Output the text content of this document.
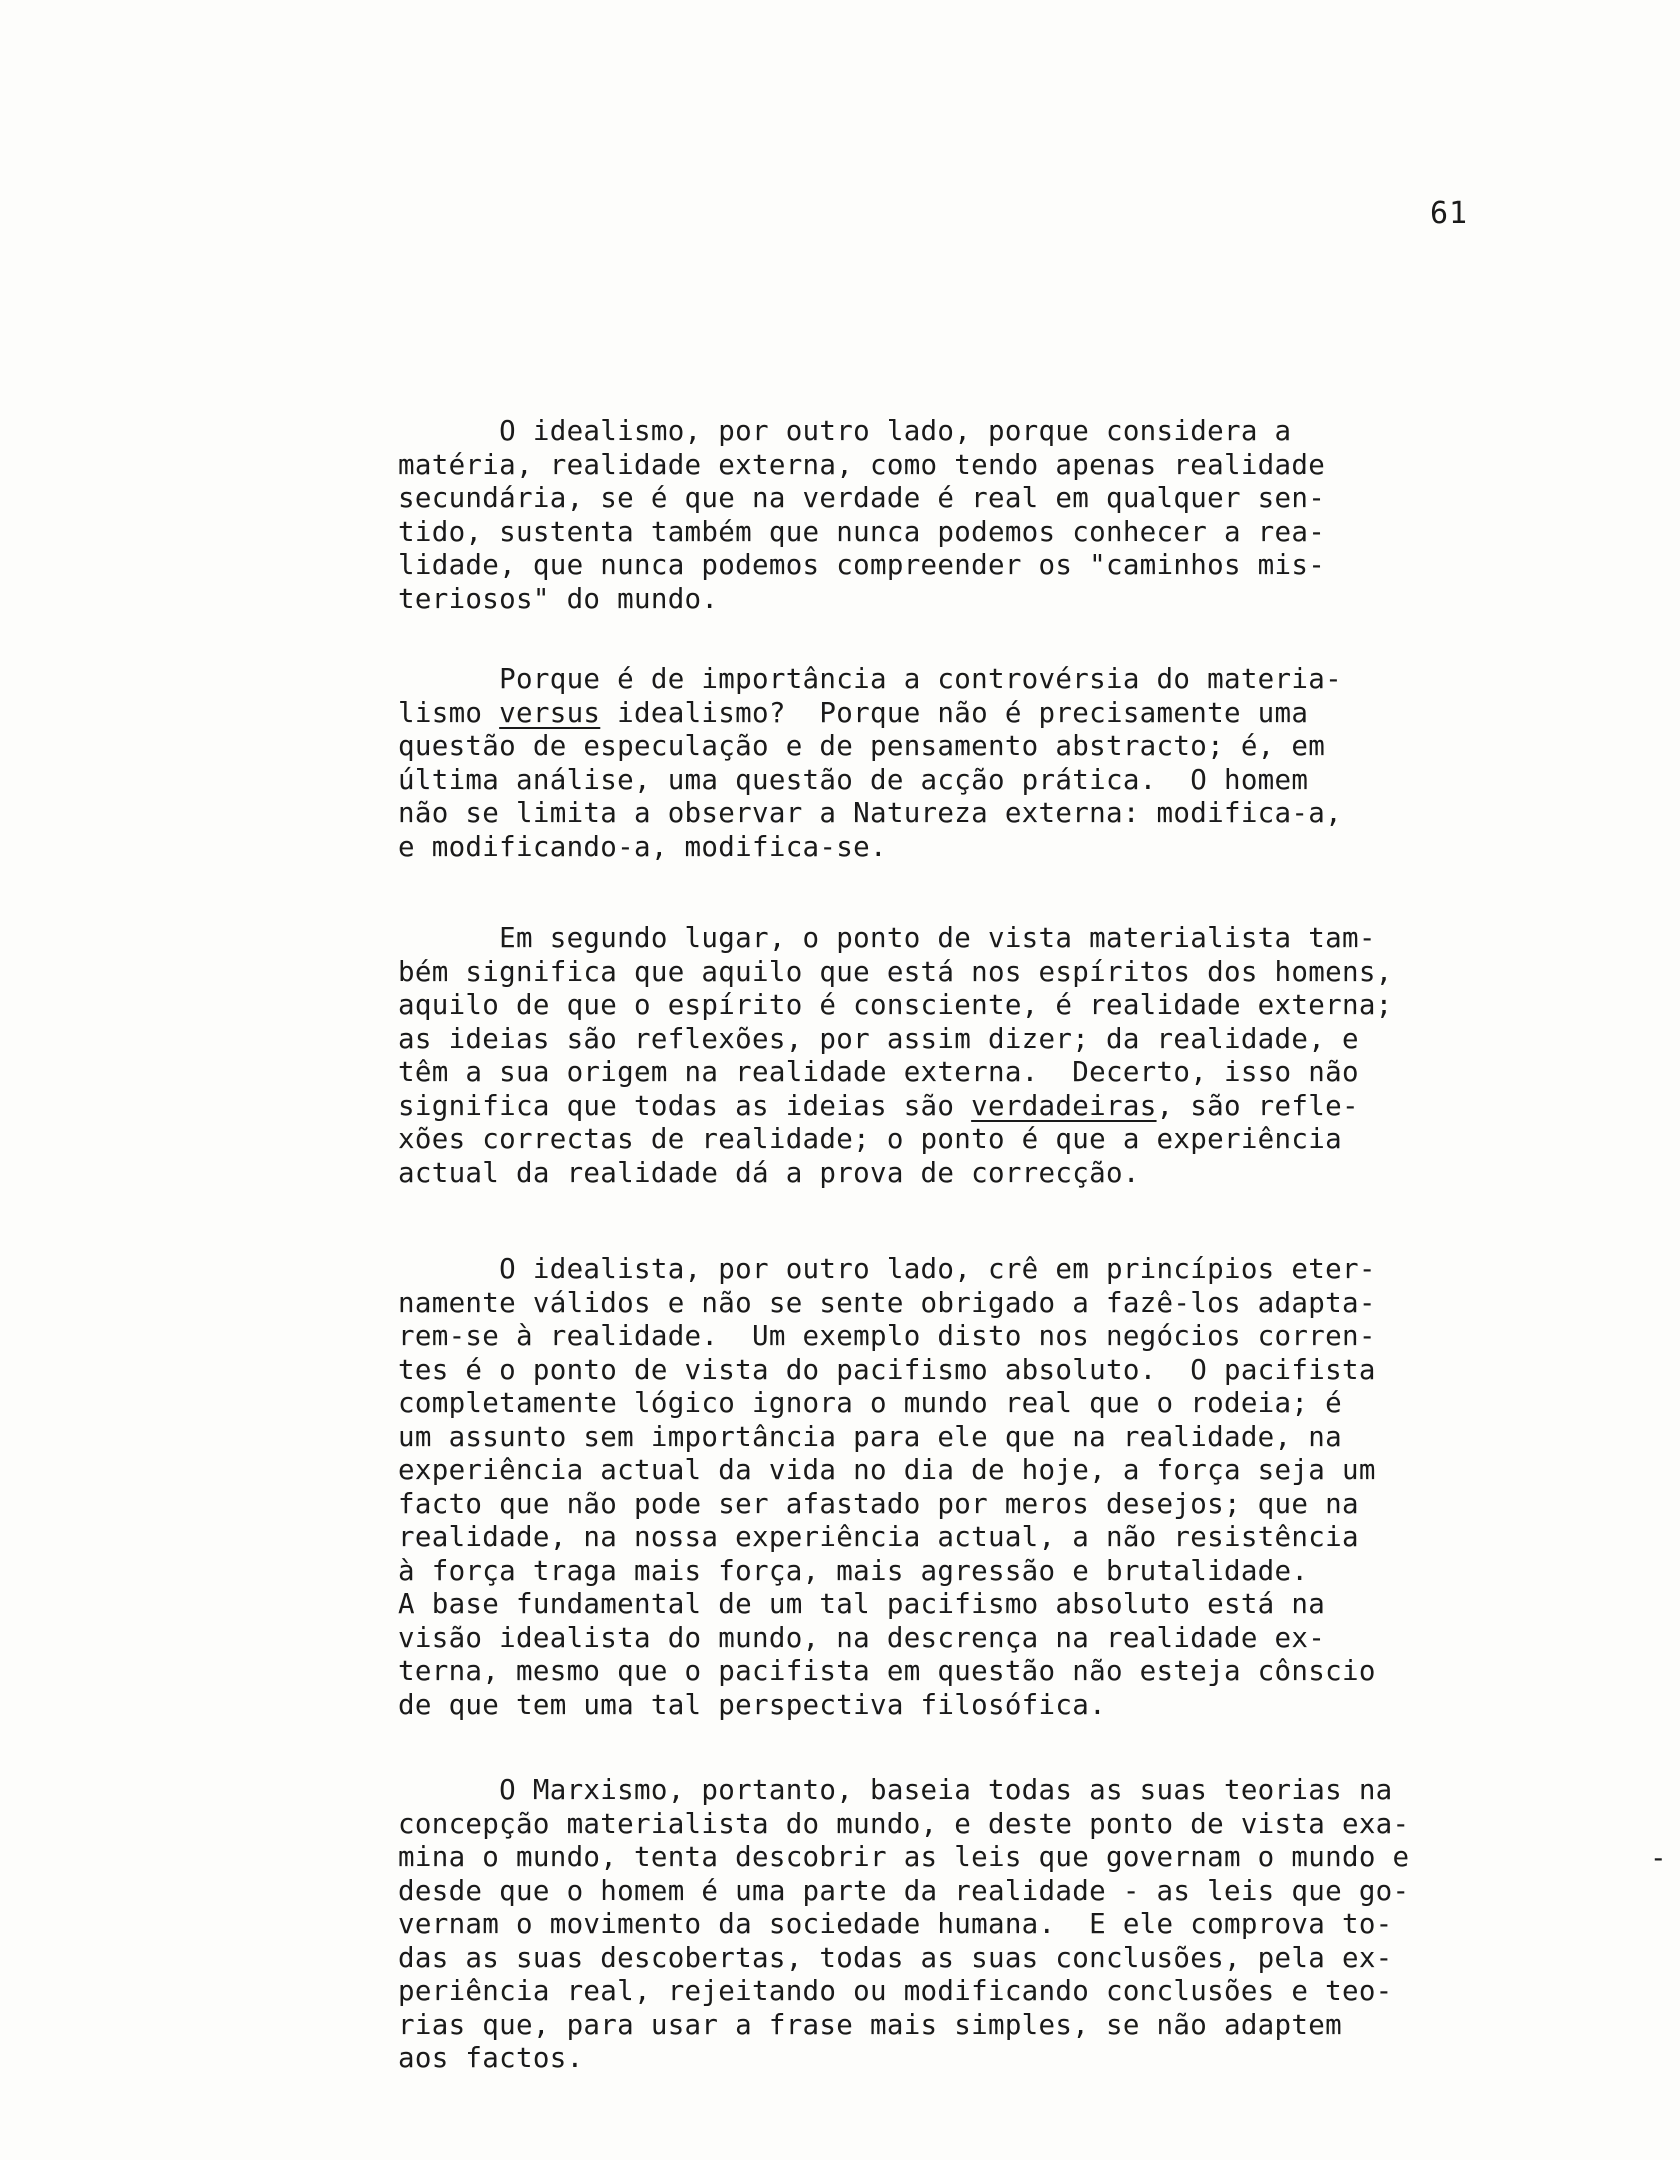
61

O idealismo, por outro lado, porque considera a
matéria, realidade externa, como tendo apenas realidade
secundária, se é que na verdade é real em qualquer sen-
tido, sustenta também que nunca podemos conhecer a rea-
lidade, que nunca podemos compreender os "caminhos mis-
teriosos" do mundo.

Porque é de importância a controvérsia do materia-
lismo versus idealismo?  Porque não é precisamente uma
questão de especulação e de pensamento abstracto; é, em
última análise, uma questão de acção prática.  O homem
não se limita a observar a Natureza externa: modifica-a,
e modificando-a, modifica-se.

Em segundo lugar, o ponto de vista materialista tam-
bém significa que aquilo que está nos espíritos dos homens,
aquilo de que o espírito é consciente, é realidade externa;
as ideias são reflexões, por assim dizer; da realidade, e
têm a sua origem na realidade externa.  Decerto, isso não
significa que todas as ideias são verdadeiras, são refle-
xões correctas de realidade; o ponto é que a experiência
actual da realidade dá a prova de correcção.

O idealista, por outro lado, crê em princípios eter-
namente válidos e não se sente obrigado a fazê-los adapta-
rem-se à realidade.  Um exemplo disto nos negócios corren-
tes é o ponto de vista do pacifismo absoluto.  O pacifista
completamente lógico ignora o mundo real que o rodeia; é
um assunto sem importância para ele que na realidade, na
experiência actual da vida no dia de hoje, a força seja um
facto que não pode ser afastado por meros desejos; que na
realidade, na nossa experiência actual, a não resistência
à força traga mais força, mais agressão e brutalidade.
A base fundamental de um tal pacifismo absoluto está na
visão idealista do mundo, na descrença na realidade ex-
terna, mesmo que o pacifista em questão não esteja cônscio
de que tem uma tal perspectiva filosófica.

O Marxismo, portanto, baseia todas as suas teorias na
concepção materialista do mundo, e deste ponto de vista exa-
mina o mundo, tenta descobrir as leis que governam o mundo e
desde que o homem é uma parte da realidade - as leis que go-
vernam o movimento da sociedade humana.  E ele comprova to-
das as suas descobertas, todas as suas conclusões, pela ex-
periência real, rejeitando ou modificando conclusões e teo-
rias que, para usar a frase mais simples, se não adaptem
aos factos.

-
